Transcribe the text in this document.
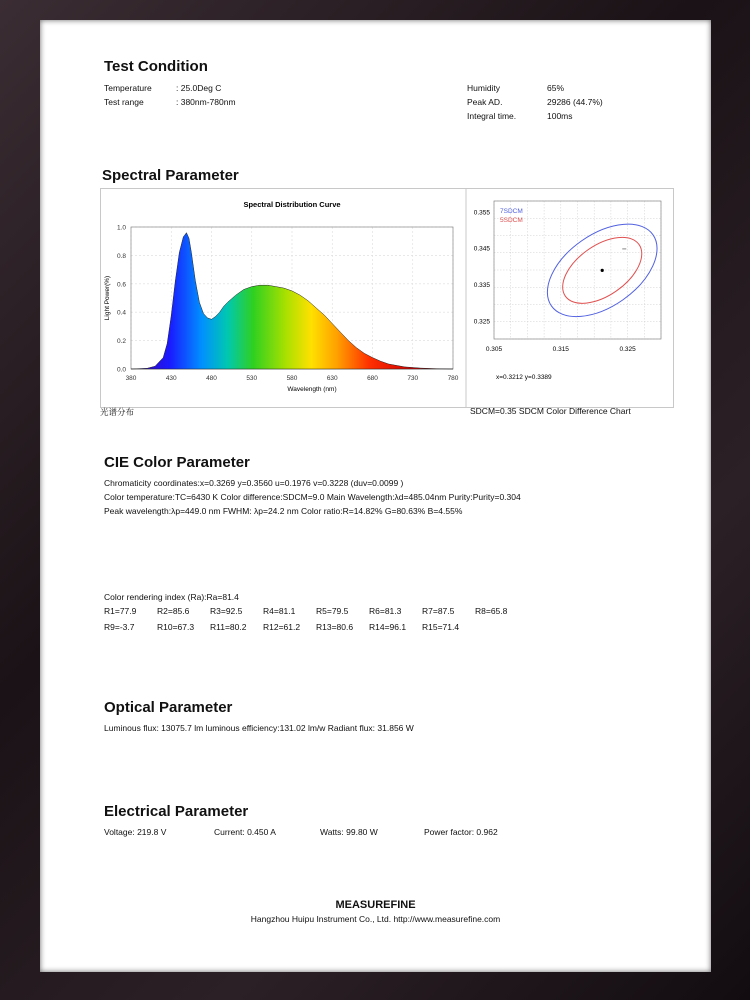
Test Condition
Temperature	: 25.0Deg C
Test range	: 380nm-780nm
Humidity	65%
Peak AD.	29286 (44.7%)
Integral time.	100ms
Spectral Parameter
Spectral Distribution Curve
380	430	480	530	580	630	680	730	780
0.0
0.2
0.4
0.6
0.8
1.0
Wavelength (nm)
Light Power(%)
0.305	0.315	0.325
0.325
0.335
0.345
0.355 7SDCM
5SDCM
x=0.3212 y=0.3389
光谱分布	SDCM=0.35 SDCM Color Difference Chart
CIE Color Parameter
Chromaticity coordinates:x=0.3269 y=0.3560 u=0.1976 v=0.3228 (duv=0.0099 )
Color temperature:TC=6430 K Color difference:SDCM=9.0 Main Wavelength:λd=485.04nm Purity:Purity=0.304
Peak wavelength:λp=449.0 nm FWHM: λp=24.2 nm Color ratio:R=14.82% G=80.63% B=4.55%
Color rendering index (Ra):Ra=81.4
R1=77.9 R2=85.6 R3=92.5 R4=81.1 R5=79.5 R6=81.3 R7=87.5 R8=65.8
R9=-3.7	R10=67.3 R11=80.2 R12=61.2 R13=80.6 R14=96.1 R15=71.4
Optical Parameter
Luminous flux: 13075.7 lm luminous efficiency:131.02 lm/w Radiant flux: 31.856 W
Electrical Parameter
Voltage: 219.8 V	Current: 0.450 A	Watts: 99.80 W	Power factor: 0.962
MEASUREFINE
Hangzhou Huipu Instrument Co., Ltd. http://www.measurefine.com
